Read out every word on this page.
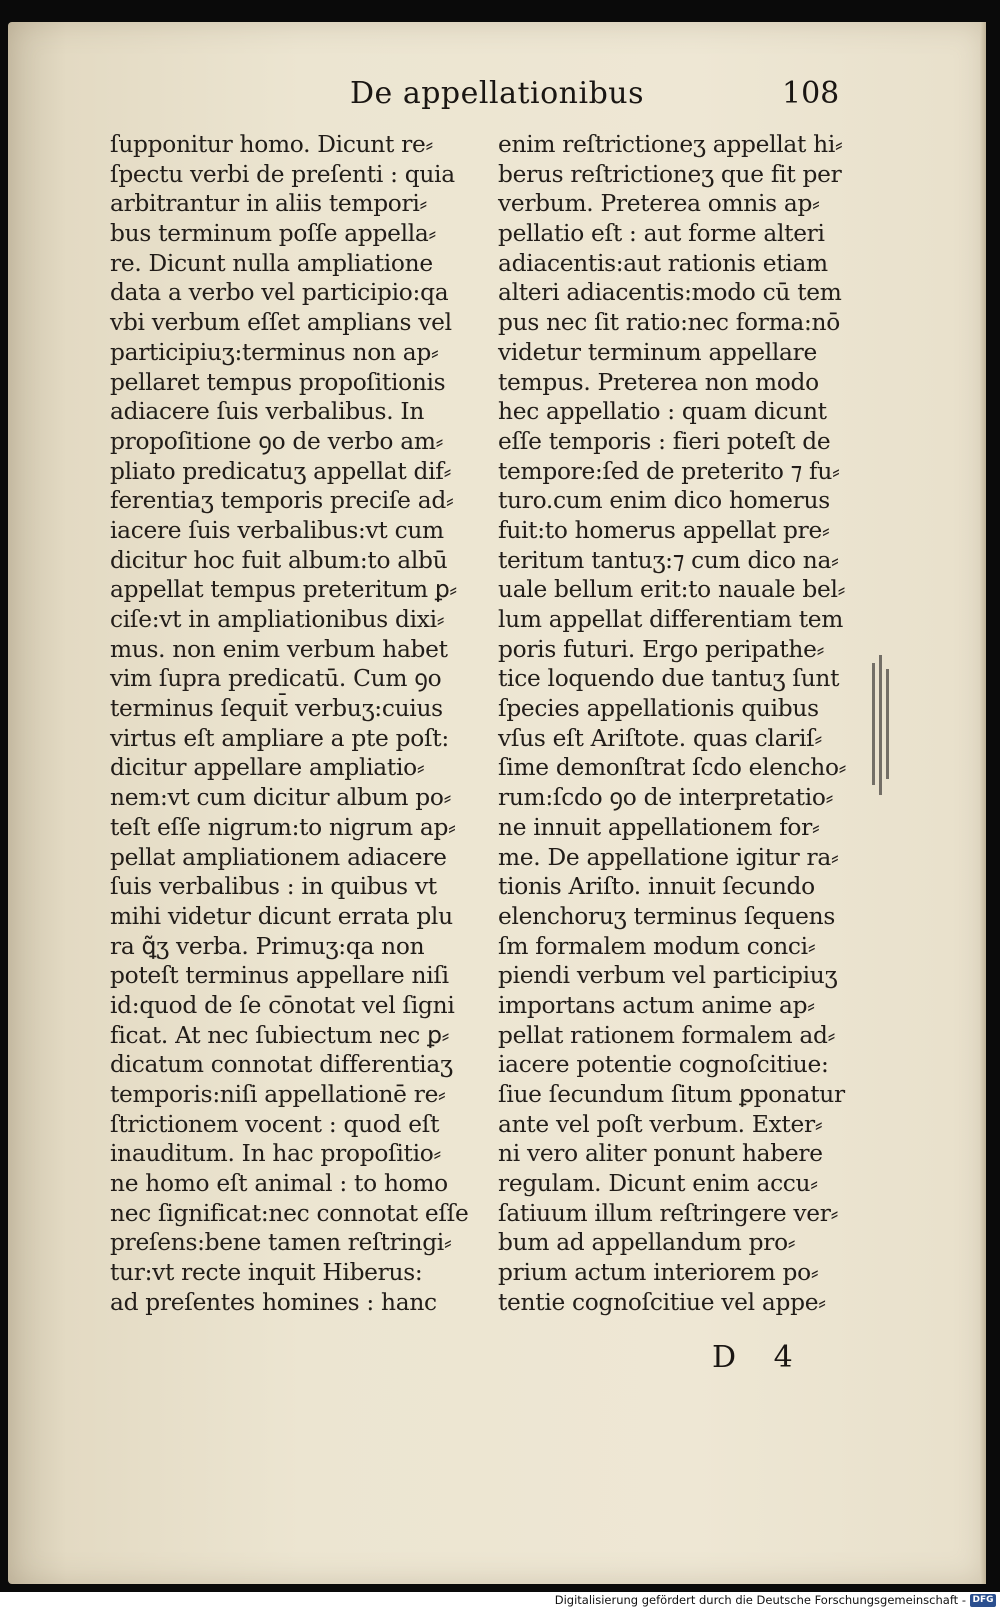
De appellationibus	108
ſupponitur homo. Dicunt re⸗
ſpectu verbi de preſenti : quia
arbitrantur in aliis tempori⸗
bus terminum poſſe appella⸗
re. Dicunt nulla ampliatione
data a verbo vel participio:qa
vbi verbum eſſet amplians vel
participiuʒ:terminus non ap⸗
pellaret tempus propoſitionis
adiacere ſuis verbalibus. In
propoſitione ꝯo de verbo am⸗
pliato predicatuʒ appellat dif⸗
ferentiaʒ temporis preciſe ad⸗
iacere ſuis verbalibus:vt cum
dicitur hoc fuit album:to albū
appellat tempus preteritum ꝑ⸗
ciſe:vt in ampliationibus dixi⸗
mus. non enim verbum habet
vim ſupra predicatū. Cum ꝯo
terminus ſequit̄ verbuʒ:cuius
virtus eſt ampliare a pte poſt:
dicitur appellare ampliatio⸗
nem:vt cum dicitur album po⸗
teſt eſſe nigrum:to nigrum ap⸗
pellat ampliationem adiacere
ſuis verbalibus : in quibus vt
mihi videtur dicunt errata plu
ra ꝗ̃ʒ verba. Primuʒ:qa non
poteſt terminus appellare niſi
id:quod de ſe cōnotat vel ſigni
ficat. At nec ſubiectum nec ꝑ⸗
dicatum connotat differentiaʒ
temporis:niſi appellationē re⸗
ſtrictionem vocent : quod eſt
inauditum. In hac propoſitio⸗
ne homo eſt animal : to homo
nec ſignificat:nec connotat eſſe
preſens:bene tamen reſtringi⸗
tur:vt recte inquit Hiberus:
ad preſentes homines : hanc
enim reſtrictioneʒ appellat hi⸗
berus reſtrictioneʒ que fit per
verbum. Preterea omnis ap⸗
pellatio eſt : aut forme alteri
adiacentis:aut rationis etiam
alteri adiacentis:modo cū tem
pus nec ſit ratio:nec forma:nō
videtur terminum appellare
tempus. Preterea non modo
hec appellatio : quam dicunt
eſſe temporis : fieri poteſt de
tempore:ſed de preterito ⁊ fu⸗
turo.cum enim dico homerus
fuit:to homerus appellat pre⸗
teritum tantuʒ:⁊ cum dico na⸗
uale bellum erit:to nauale bel⸗
lum appellat differentiam tem
poris futuri. Ergo peripathe⸗
tice loquendo due tantuʒ ſunt
ſpecies appellationis quibus
vſus eſt Ariſtote. quas clariſ⸗
ſime demonſtrat ſcdo elencho⸗
rum:ſcdo ꝯo de interpretatio⸗
ne innuit appellationem for⸗
me. De appellatione igitur ra⸗
tionis Ariſto. innuit ſecundo
elenchoruʒ terminus ſequens
ſm formalem modum conci⸗
piendi verbum vel participiuʒ
importans actum anime ap⸗
pellat rationem formalem ad⸗
iacere potentie cognoſcitiue:
ſiue ſecundum ſitum ꝑponatur
ante vel poſt verbum. Exter⸗
ni vero aliter ponunt habere
regulam. Dicunt enim accu⸗
ſatiuum illum reſtringere ver⸗
bum ad appellandum pro⸗
prium actum interiorem po⸗
tentie cognoſcitiue vel appe⸗
D 4
Digitalisierung gefördert durch die Deutsche Forschungsgemeinschaft - DFG
